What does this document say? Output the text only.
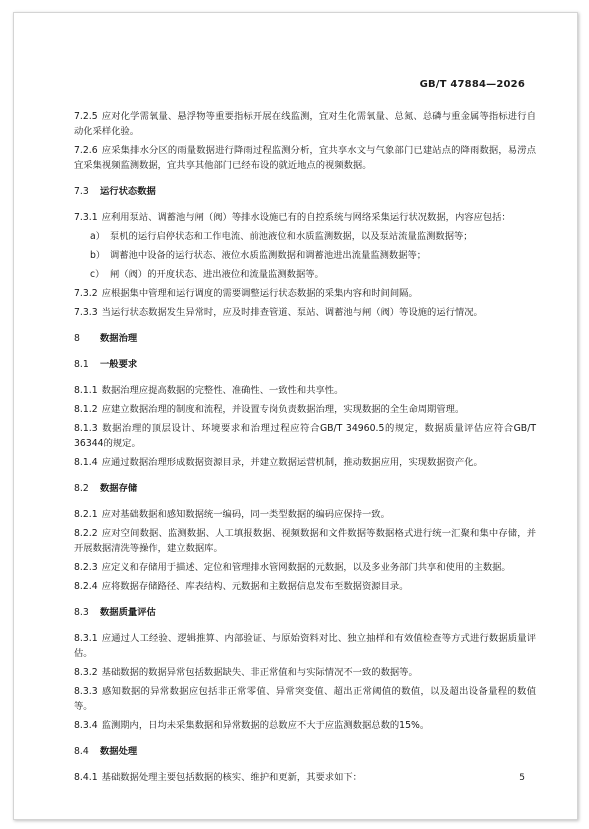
GB/T 47884—2026

7.2.5 应对化学需氧量、悬浮物等重要指标开展在线监测，宜对生化需氧量、总氮、总磷与重金属等指标进行自动化采样化验。

7.2.6 应采集排水分区的雨量数据进行降雨过程监测分析，宜共享水文与气象部门已建站点的降雨数据，易涝点宜采集视频监测数据，宜共享其他部门已经布设的就近地点的视频数据。

7.3 运行状态数据

7.3.1 应利用泵站、调蓄池与闸（阀）等排水设施已有的自控系统与网络采集运行状况数据，内容应包括：

a） 泵机的运行启停状态和工作电流、前池液位和水质监测数据，以及泵站流量监测数据等；

b） 调蓄池中设备的运行状态、液位水质监测数据和调蓄池进出流量监测数据等；

c） 闸（阀）的开度状态、进出液位和流量监测数据等。

7.3.2 应根据集中管理和运行调度的需要调整运行状态数据的采集内容和时间间隔。

7.3.3 当运行状态数据发生异常时，应及时排查管道、泵站、调蓄池与闸（阀）等设施的运行情况。

8 数据治理

8.1 一般要求

8.1.1 数据治理应提高数据的完整性、准确性、一致性和共享性。

8.1.2 应建立数据治理的制度和流程，并设置专岗负责数据治理，实现数据的全生命周期管理。

8.1.3 数据治理的顶层设计、环境要求和治理过程应符合GB/T 34960.5的规定，数据质量评估应符合GB/T 36344的规定。

8.1.4 应通过数据治理形成数据资源目录，并建立数据运营机制，推动数据应用，实现数据资产化。

8.2 数据存储

8.2.1 应对基础数据和感知数据统一编码，同一类型数据的编码应保持一致。

8.2.2 应对空间数据、监测数据、人工填报数据、视频数据和文件数据等数据格式进行统一汇聚和集中存储，并开展数据清洗等操作，建立数据库。

8.2.3 应定义和存储用于描述、定位和管理排水管网数据的元数据，以及多业务部门共享和使用的主数据。

8.2.4 应将数据存储路径、库表结构、元数据和主数据信息发布至数据资源目录。

8.3 数据质量评估

8.3.1 应通过人工经验、逻辑推算、内部验证、与原始资料对比、独立抽样和有效值检查等方式进行数据质量评估。

8.3.2 基础数据的数据异常包括数据缺失、非正常值和与实际情况不一致的数据等。

8.3.3 感知数据的异常数据应包括非正常零值、异常突变值、超出正常阈值的数值，以及超出设备量程的数值等。

8.3.4 监测期内，日均未采集数据和异常数据的总数应不大于应监测数据总数的15%。

8.4 数据处理

8.4.1 基础数据处理主要包括数据的核实、维护和更新，其要求如下：	5
